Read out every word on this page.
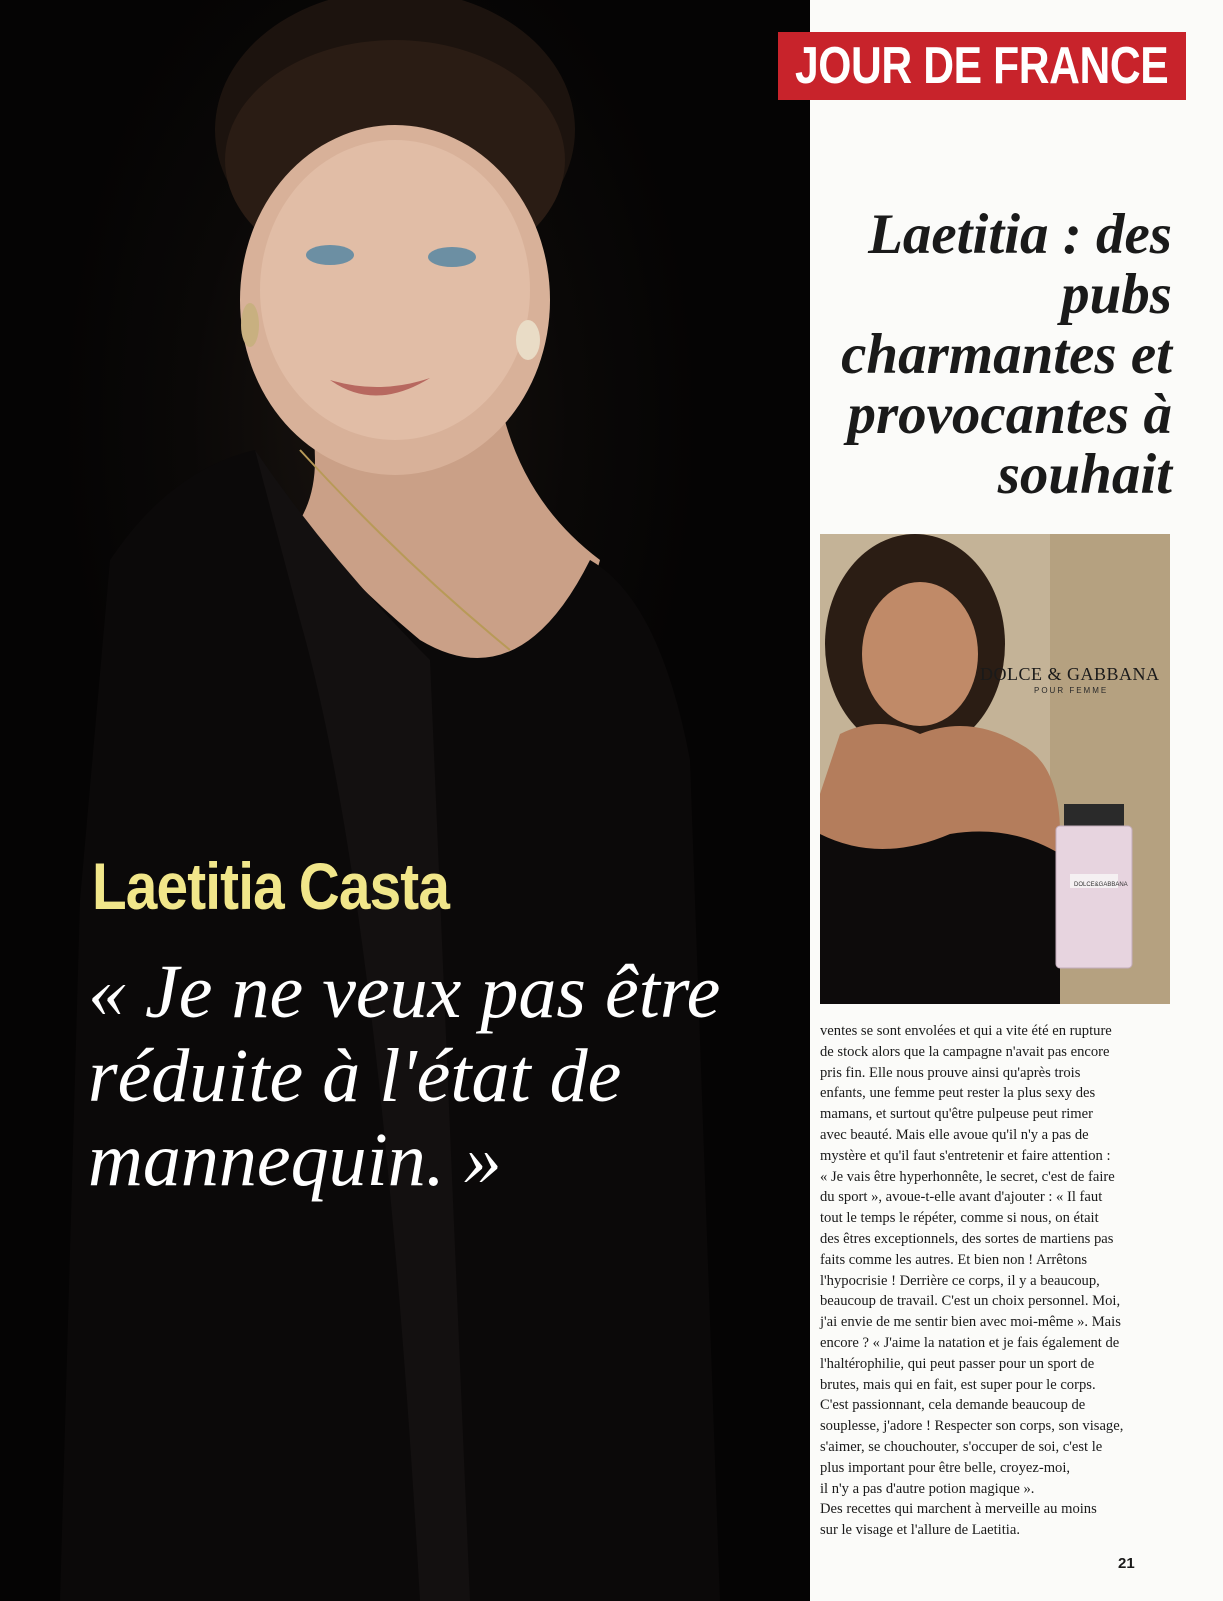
Laetitia Casta

« Je ne veux pas être réduite à l'état de mannequin. »

JOUR DE FRANCE
Laetitia : des pubs charmantes et provocantes à souhait
DOLCE & GABBANA
POUR FEMME
DOLCE&GABBANA

ventes se sont envolées et qui a vite été en rupture
de stock alors que la campagne n'avait pas encore
pris fin. Elle nous prouve ainsi qu'après trois
enfants, une femme peut rester la plus sexy des
mamans, et surtout qu'être pulpeuse peut rimer
avec beauté. Mais elle avoue qu'il n'y a pas de
mystère et qu'il faut s'entretenir et faire attention :
« Je vais être hyperhonnête, le secret, c'est de faire
du sport », avoue-t-elle avant d'ajouter : « Il faut
tout le temps le répéter, comme si nous, on était
des êtres exceptionnels, des sortes de martiens pas
faits comme les autres. Et bien non ! Arrêtons
l'hypocrisie ! Derrière ce corps, il y a beaucoup,
beaucoup de travail. C'est un choix personnel. Moi,
j'ai envie de me sentir bien avec moi-même ». Mais
encore ? « J'aime la natation et je fais également de
l'haltérophilie, qui peut passer pour un sport de
brutes, mais qui en fait, est super pour le corps.
C'est passionnant, cela demande beaucoup de
souplesse, j'adore ! Respecter son corps, son visage,
s'aimer, se chouchouter, s'occuper de soi, c'est le
plus important pour être belle, croyez-moi,
il n'y a pas d'autre potion magique ».
Des recettes qui marchent à merveille au moins
sur le visage et l'allure de Laetitia.

21
